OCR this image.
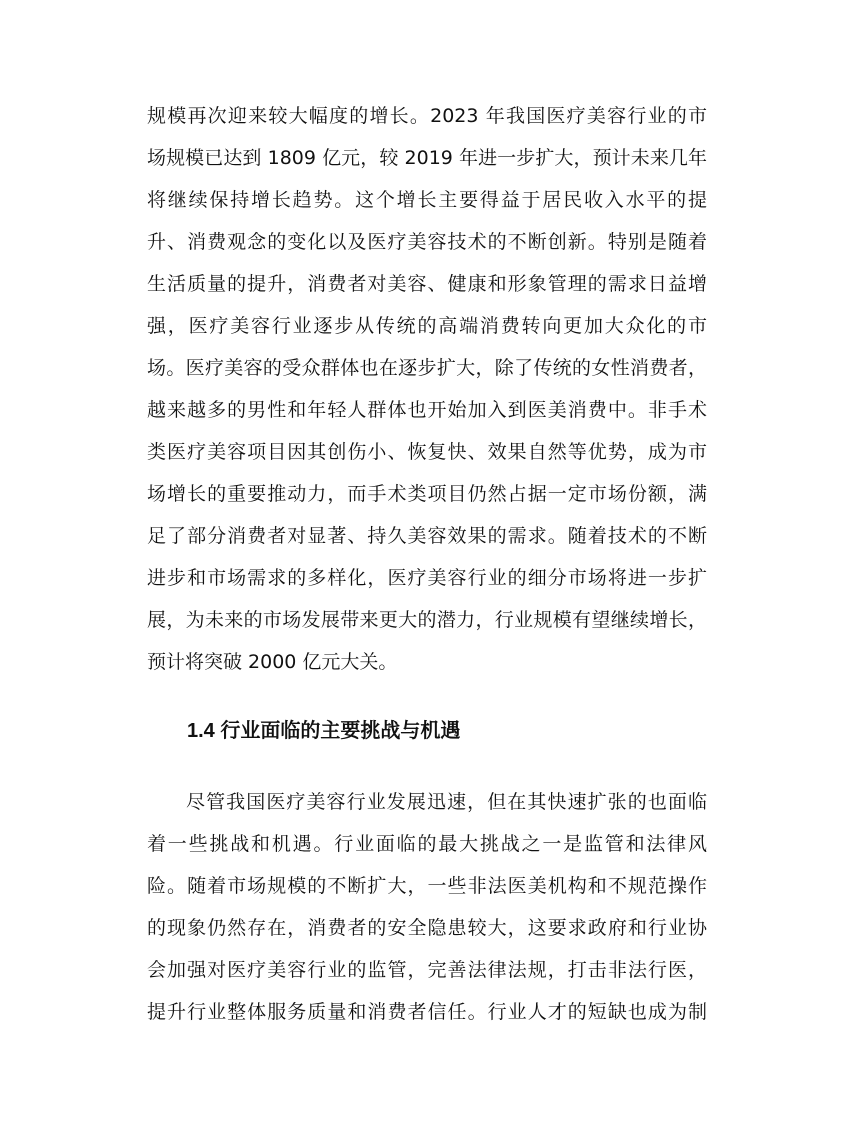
规模再次迎来较大幅度的增长。2023 年我国医疗美容行业的市
场规模已达到 1809 亿元，较 2019 年进一步扩大，预计未来几年
将继续保持增长趋势。这个增长主要得益于居民收入水平的提
升、消费观念的变化以及医疗美容技术的不断创新。特别是随着
生活质量的提升，消费者对美容、健康和形象管理的需求日益增
强，医疗美容行业逐步从传统的高端消费转向更加大众化的市
场。医疗美容的受众群体也在逐步扩大，除了传统的女性消费者，
越来越多的男性和年轻人群体也开始加入到医美消费中。非手术
类医疗美容项目因其创伤小、恢复快、效果自然等优势，成为市
场增长的重要推动力，而手术类项目仍然占据一定市场份额，满
足了部分消费者对显著、持久美容效果的需求。随着技术的不断
进步和市场需求的多样化，医疗美容行业的细分市场将进一步扩
展，为未来的市场发展带来更大的潜力，行业规模有望继续增长，
预计将突破 2000 亿元大关。
1.4 行业面临的主要挑战与机遇
尽管我国医疗美容行业发展迅速，但在其快速扩张的也面临
着一些挑战和机遇。行业面临的最大挑战之一是监管和法律风
险。随着市场规模的不断扩大，一些非法医美机构和不规范操作
的现象仍然存在，消费者的安全隐患较大，这要求政府和行业协
会加强对医疗美容行业的监管，完善法律法规，打击非法行医，
提升行业整体服务质量和消费者信任。行业人才的短缺也成为制
